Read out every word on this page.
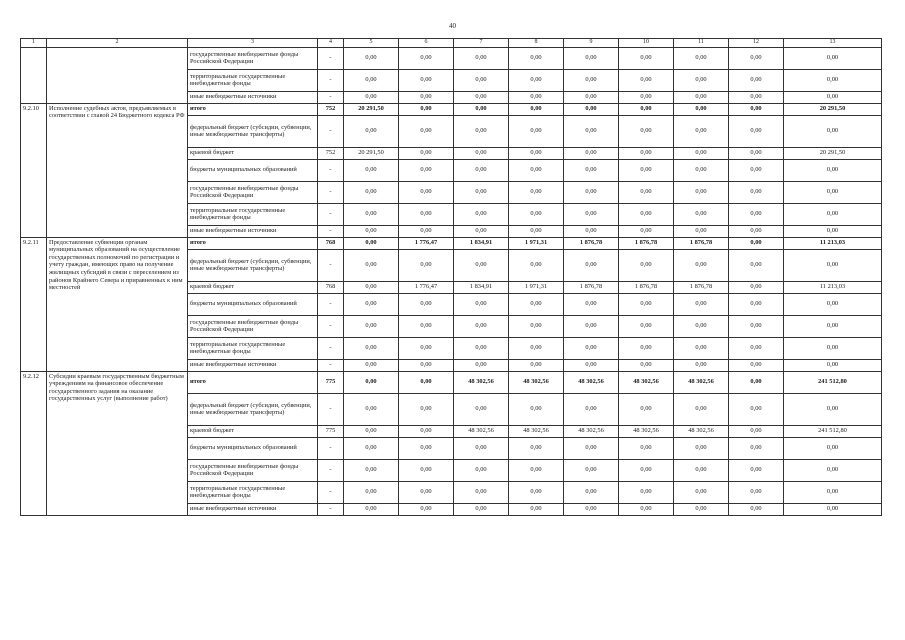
40
1	2	3	4	5	6	7	8	9	10	11	12	13
		государственные внебюджетные фонды Российской Федерации	-	0,00	0,00	0,00	0,00	0,00	0,00	0,00	0,00	0,00
		территориальные государственные внебюджетные фонды	-	0,00	0,00	0,00	0,00	0,00	0,00	0,00	0,00	0,00
		иные внебюджетные источники	-	0,00	0,00	0,00	0,00	0,00	0,00	0,00	0,00	0,00
9.2.10	Исполнение судебных актов, предъявляемых в соответствии с главой 24 Бюджетного кодекса РФ	итого	752	20 291,50	0,00	0,00	0,00	0,00	0,00	0,00	0,00	20 291,50
		федеральный бюджет (субсидии, субвенции, иные межбюджетные трансферты)	-	0,00	0,00	0,00	0,00	0,00	0,00	0,00	0,00	0,00
		краевой бюджет	752	20 291,50	0,00	0,00	0,00	0,00	0,00	0,00	0,00	20 291,50
		бюджеты муниципальных образований	-	0,00	0,00	0,00	0,00	0,00	0,00	0,00	0,00	0,00
		государственные внебюджетные фонды Российской Федерации	-	0,00	0,00	0,00	0,00	0,00	0,00	0,00	0,00	0,00
		территориальные государственные внебюджетные фонды	-	0,00	0,00	0,00	0,00	0,00	0,00	0,00	0,00	0,00
		иные внебюджетные источники	-	0,00	0,00	0,00	0,00	0,00	0,00	0,00	0,00	0,00
9.2.11	Предоставление субвенции органам муниципальных образований на осуществление государственных полномочий по регистрации и учету граждан, имеющих право на получение жилищных субсидий в связи с переселением из районов Крайнего Севера и приравненных к ним местностей	итого	768	0,00	1 776,47	1 834,91	1 971,31	1 876,78	1 876,78	1 876,78	0,00	11 213,03
		федеральный бюджет (субсидии, субвенции, иные межбюджетные трансферты)	-	0,00	0,00	0,00	0,00	0,00	0,00	0,00	0,00	0,00
		краевой бюджет	768	0,00	1 776,47	1 834,91	1 971,31	1 876,78	1 876,78	1 876,78	0,00	11 213,03
		бюджеты муниципальных образований	-	0,00	0,00	0,00	0,00	0,00	0,00	0,00	0,00	0,00
		государственные внебюджетные фонды Российской Федерации	-	0,00	0,00	0,00	0,00	0,00	0,00	0,00	0,00	0,00
		территориальные государственные внебюджетные фонды	-	0,00	0,00	0,00	0,00	0,00	0,00	0,00	0,00	0,00
		иные внебюджетные источники	-	0,00	0,00	0,00	0,00	0,00	0,00	0,00	0,00	0,00
9.2.12	Субсидии краевым государственным бюджетным учреждениям на финансовое обеспечение государственного задания на оказание государственных услуг (выполнение работ)	итого	775	0,00	0,00	48 302,56	48 302,56	48 302,56	48 302,56	48 302,56	0,00	241 512,80
		федеральный бюджет (субсидии, субвенции, иные межбюджетные трансферты)	-	0,00	0,00	0,00	0,00	0,00	0,00	0,00	0,00	0,00
		краевой бюджет	775	0,00	0,00	48 302,56	48 302,56	48 302,56	48 302,56	48 302,56	0,00	241 512,80
		бюджеты муниципальных образований	-	0,00	0,00	0,00	0,00	0,00	0,00	0,00	0,00	0,00
		государственные внебюджетные фонды Российской Федерации	-	0,00	0,00	0,00	0,00	0,00	0,00	0,00	0,00	0,00
		территориальные государственные внебюджетные фонды	-	0,00	0,00	0,00	0,00	0,00	0,00	0,00	0,00	0,00
		иные внебюджетные источники	-	0,00	0,00	0,00	0,00	0,00	0,00	0,00	0,00	0,00
